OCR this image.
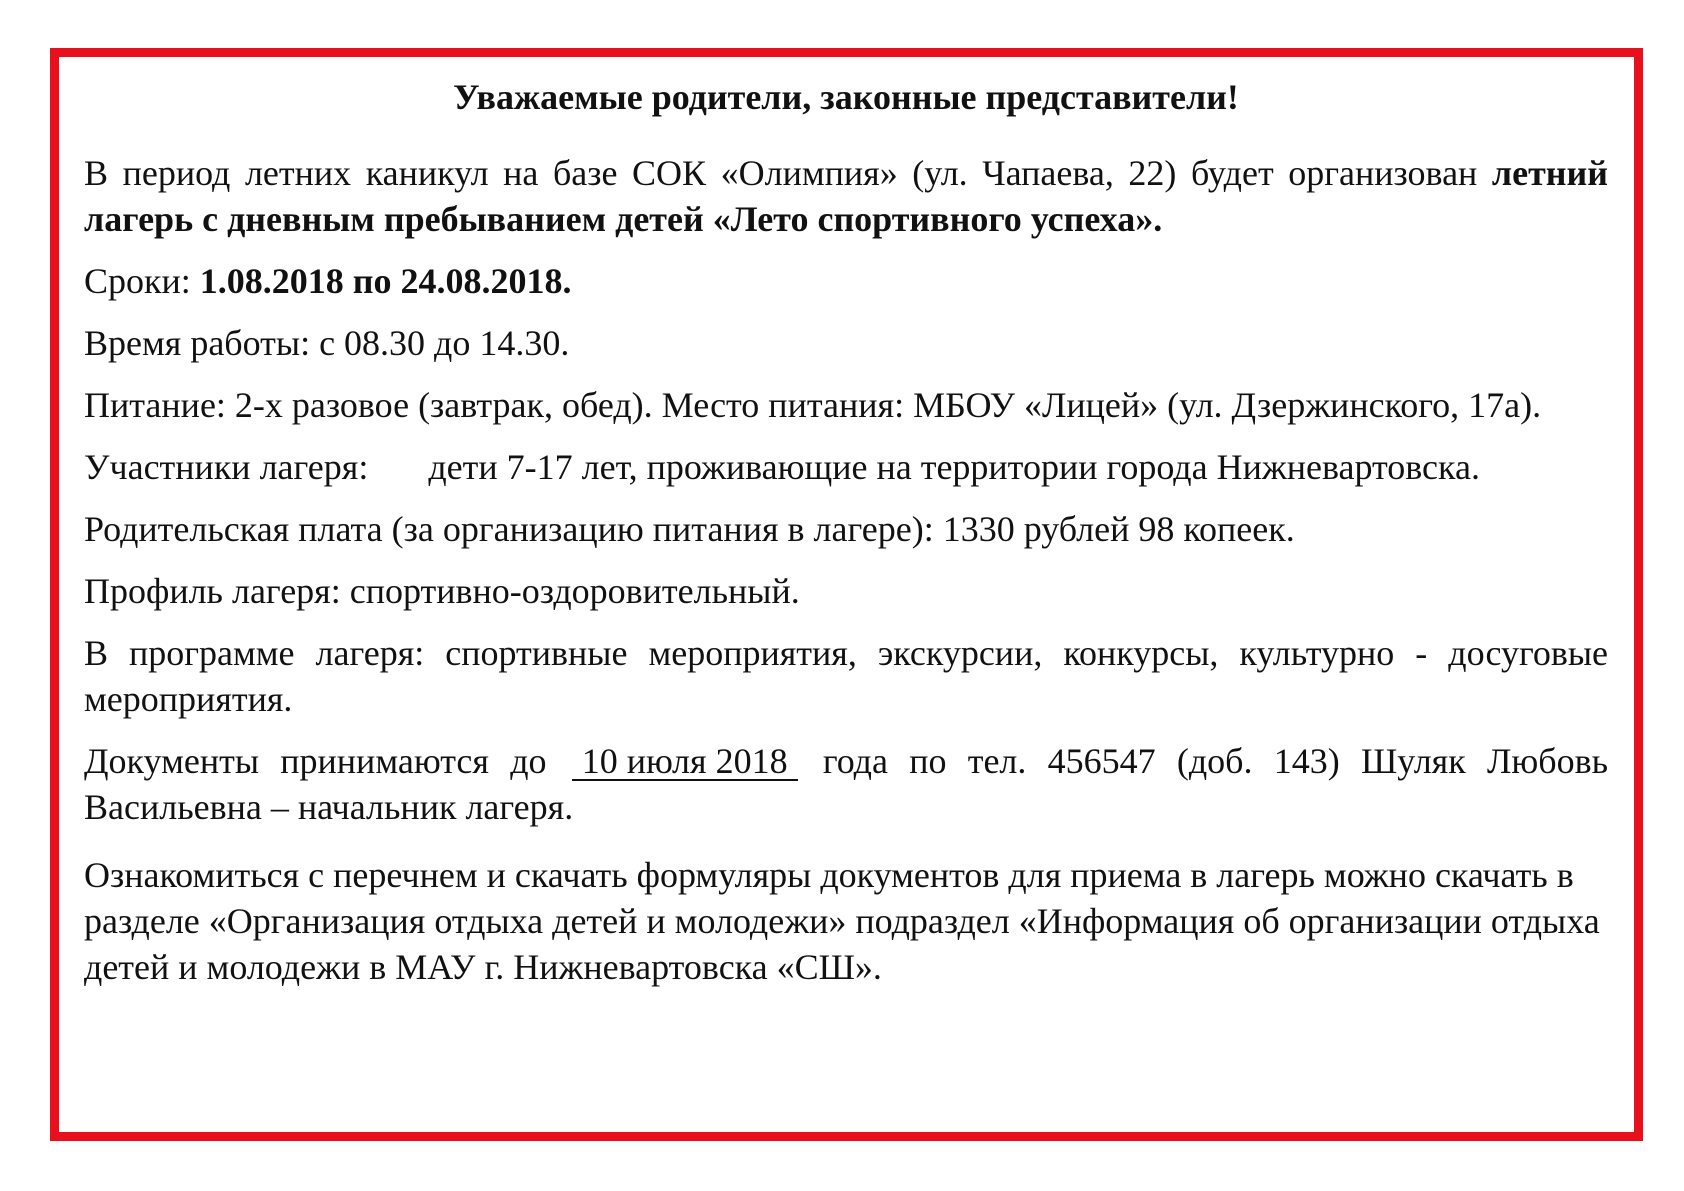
Уважаемые родители, законные представители!
В период летних каникул на базе СОК «Олимпия» (ул. Чапаева, 22) будет организован летний лагерь с дневным пребыванием детей «Лето спортивного успеха».
Сроки: 1.08.2018 по 24.08.2018.
Время работы: с 08.30 до 14.30.
Питание: 2-х разовое (завтрак, обед). Место питания: МБОУ «Лицей» (ул. Дзержинского, 17а).
Участники лагеря: дети 7-17 лет, проживающие на территории города Нижневартовска.
Родительская плата (за организацию питания в лагере): 1330 рублей 98 копеек.
Профиль лагеря: спортивно-оздоровительный.
В программе лагеря: спортивные мероприятия, экскурсии, конкурсы, культурно - досуговые мероприятия.
Документы принимаются до 10 июля 2018 года по тел. 456547 (доб. 143) Шуляк Любовь Васильевна – начальник лагеря.
Ознакомиться с перечнем и скачать формуляры документов для приема в лагерь можно скачать в разделе «Организация отдыха детей и молодежи» подраздел «Информация об организации отдыха детей и молодежи в МАУ г. Нижневартовска «СШ».
